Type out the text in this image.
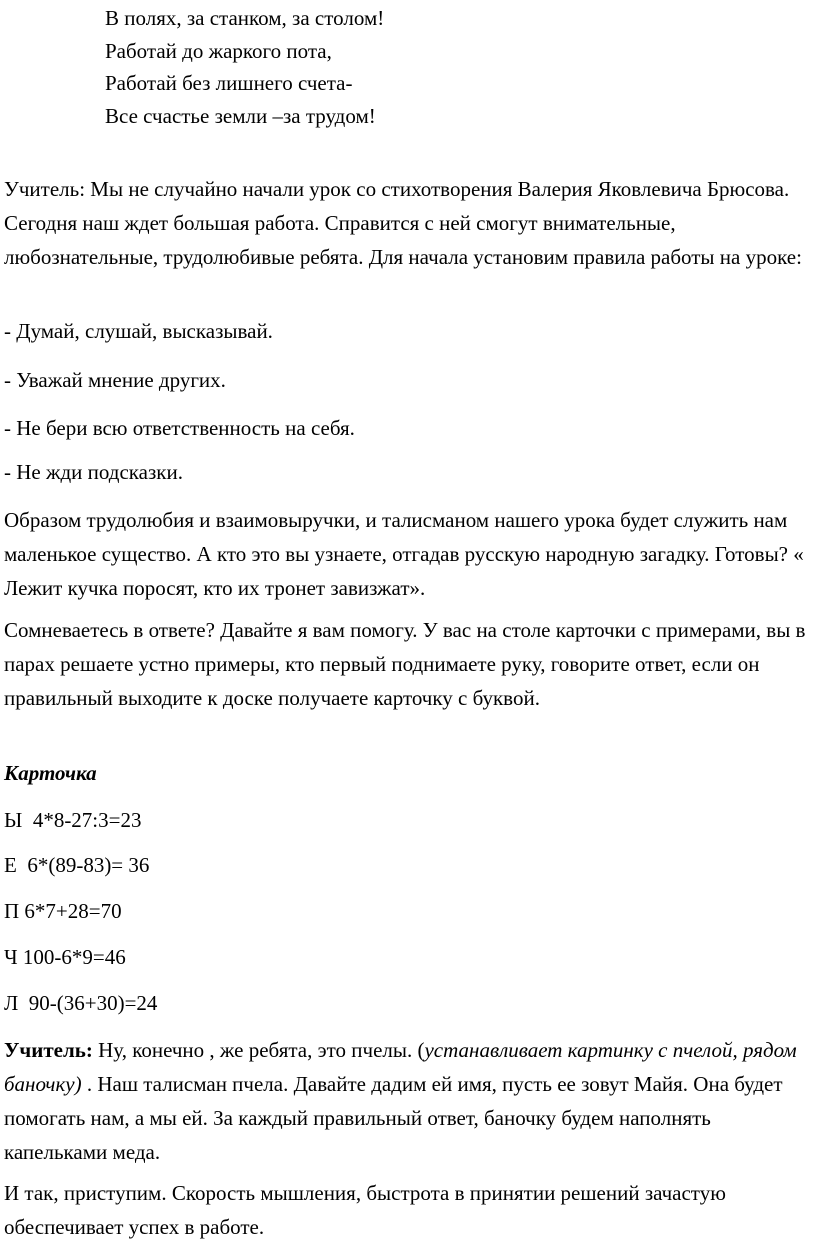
В полях, за станком, за столом!
Работай до жаркого пота,
Работай без лишнего счета-
Все счастье земли –за трудом!

Учитель: Мы не случайно начали урок со стихотворения Валерия Яковлевича Брюсова. Сегодня наш ждет большая работа. Справится с ней смогут внимательные, любознательные, трудолюбивые ребята. Для начала установим правила работы на уроке:

- Думай, слушай, высказывай.

- Уважай мнение других.

- Не бери всю ответственность на себя.

- Не жди подсказки.

Образом трудолюбия и взаимовыручки, и талисманом нашего урока будет служить нам маленькое существо. А кто это вы узнаете, отгадав русскую народную загадку. Готовы? « Лежит кучка поросят, кто их тронет завизжат».

Сомневаетесь в ответе? Давайте я вам помогу. У вас на столе карточки с примерами, вы в парах решаете устно примеры, кто первый поднимаете руку, говорите ответ, если он правильный выходите к доске получаете карточку с буквой.

Карточка

Ы  4*8-27:3=23

Е  6*(89-83)= 36

П 6*7+28=70

Ч 100-6*9=46

Л  90-(36+30)=24

Учитель: Ну, конечно , же ребята, это пчелы. (устанавливает картинку с пчелой, рядом баночку) . Наш талисман пчела. Давайте дадим ей имя, пусть ее зовут Майя. Она будет помогать нам, а мы ей. За каждый правильный ответ, баночку будем наполнять капельками меда.

И так, приступим. Скорость мышления, быстрота в принятии решений зачастую обеспечивает успех в работе.
